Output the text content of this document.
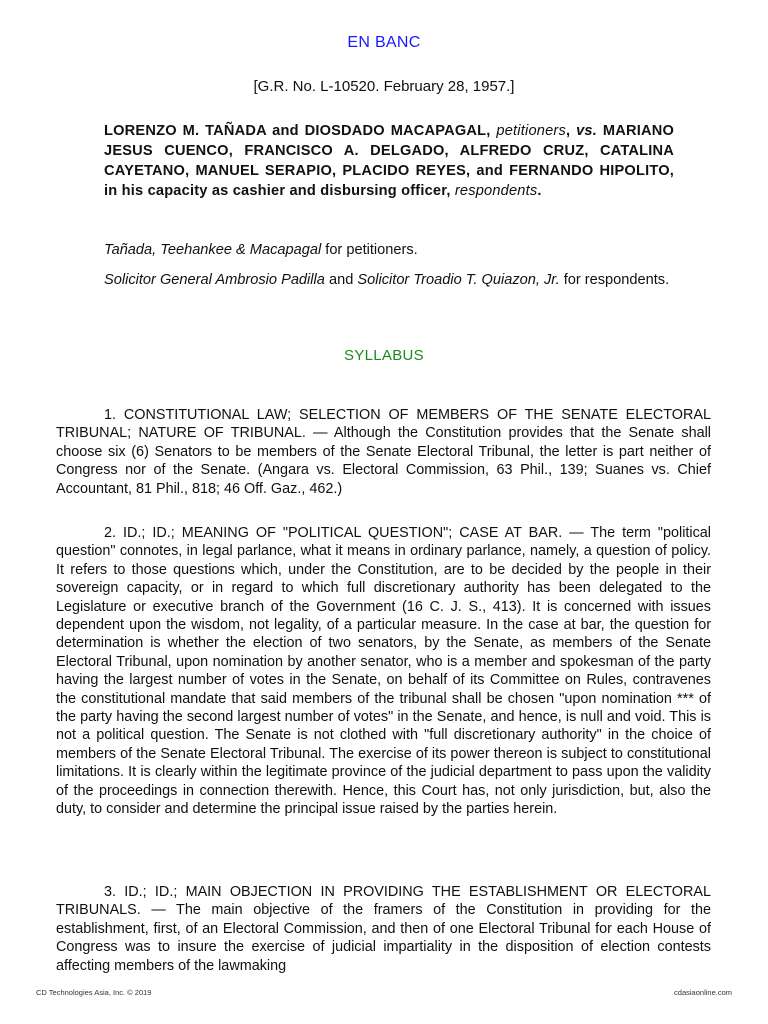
EN BANC
[G.R. No. L-10520. February 28, 1957.]
LORENZO M. TAÑADA and DIOSDADO MACAPAGAL, petitioners, vs. MARIANO JESUS CUENCO, FRANCISCO A. DELGADO, ALFREDO CRUZ, CATALINA CAYETANO, MANUEL SERAPIO, PLACIDO REYES, and FERNANDO HIPOLITO, in his capacity as cashier and disbursing officer, respondents.
Tañada, Teehankee & Macapagal for petitioners.
Solicitor General Ambrosio Padilla and Solicitor Troadio T. Quiazon, Jr. for respondents.
SYLLABUS

1. CONSTITUTIONAL LAW; SELECTION OF MEMBERS OF THE SENATE ELECTORAL TRIBUNAL; NATURE OF TRIBUNAL. — Although the Constitution provides that the Senate shall choose six (6) Senators to be members of the Senate Electoral Tribunal, the letter is part neither of Congress nor of the Senate. (Angara vs. Electoral Commission, 63 Phil., 139; Suanes vs. Chief Accountant, 81 Phil., 818; 46 Off. Gaz., 462.)

2. ID.; ID.; MEANING OF "POLITICAL QUESTION"; CASE AT BAR. — The term "political question" connotes, in legal parlance, what it means in ordinary parlance, namely, a question of policy. It refers to those questions which, under the Constitution, are to be decided by the people in their sovereign capacity, or in regard to which full discretionary authority has been delegated to the Legislature or executive branch of the Government (16 C. J. S., 413). It is concerned with issues dependent upon the wisdom, not legality, of a particular measure. In the case at bar, the question for determination is whether the election of two senators, by the Senate, as members of the Senate Electoral Tribunal, upon nomination by another senator, who is a member and spokesman of the party having the largest number of votes in the Senate, on behalf of its Committee on Rules, contravenes the constitutional mandate that said members of the tribunal shall be chosen "upon nomination *** of the party having the second largest number of votes" in the Senate, and hence, is null and void. This is not a political question. The Senate is not clothed with "full discretionary authority" in the choice of members of the Senate Electoral Tribunal. The exercise of its power thereon is subject to constitutional limitations. It is clearly within the legitimate province of the judicial department to pass upon the validity of the proceedings in connection therewith. Hence, this Court has, not only jurisdiction, but, also the duty, to consider and determine the principal issue raised by the parties herein.

3. ID.; ID.; MAIN OBJECTION IN PROVIDING THE ESTABLISHMENT OR ELECTORAL TRIBUNALS. — The main objective of the framers of the Constitution in providing for the establishment, first, of an Electoral Commission, and then of one Electoral Tribunal for each House of Congress was to insure the exercise of judicial impartiality in the disposition of election contests affecting members of the lawmaking

CD Technologies Asia, Inc. © 2019	cdasiaonline.com
